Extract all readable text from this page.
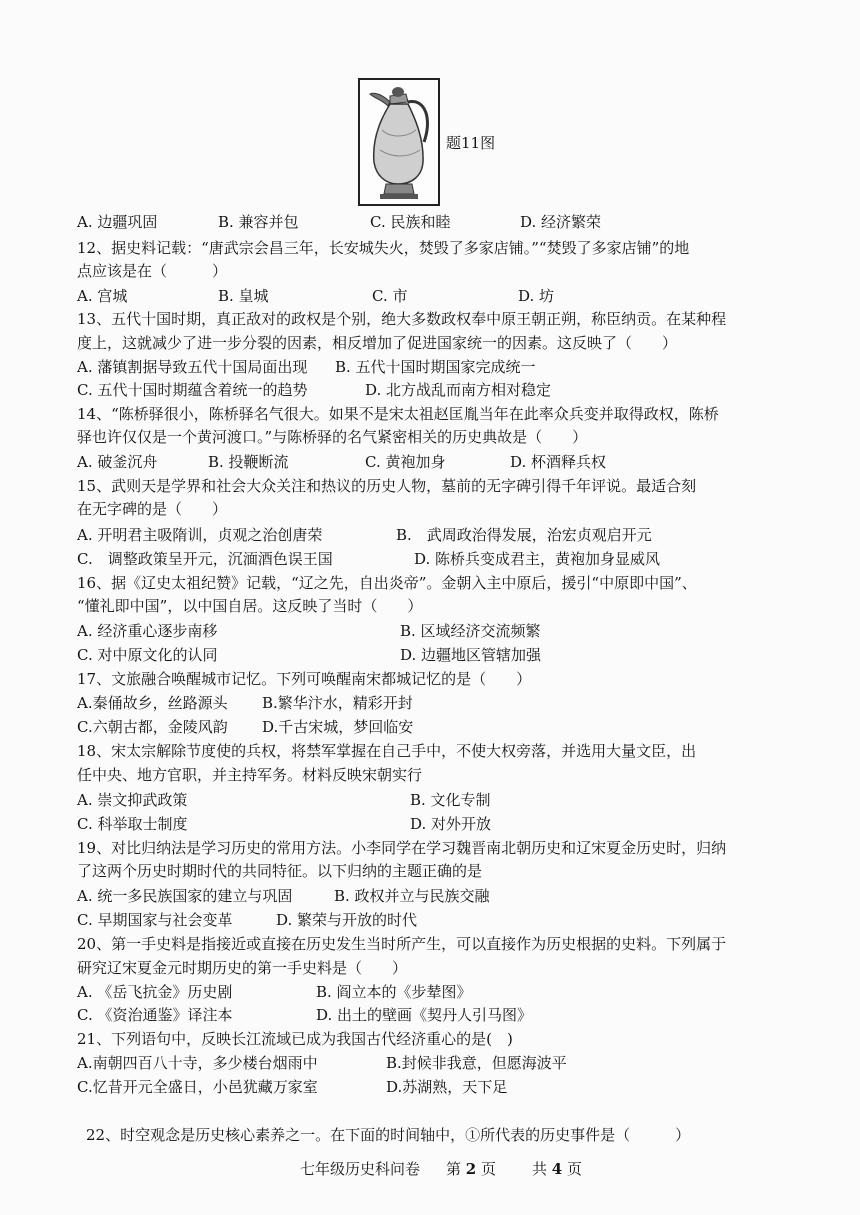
题11图
A. 边疆巩固	B. 兼容并包	C. 民族和睦	D. 经济繁荣
12、据史料记载：“唐武宗会昌三年，长安城失火，焚毁了多家店铺。”“焚毁了多家店铺”的地
点应该是在（　　　）
A. 宫城	B. 皇城	C. 市	D. 坊
13、五代十国时期，真正敌对的政权是个别，绝大多数政权奉中原王朝正朔，称臣纳贡。在某种程
度上，这就减少了进一步分裂的因素，相反增加了促进国家统一的因素。这反映了（　　）
A. 藩镇割据导致五代十国局面出现 B. 五代十国时期国家完成统一
C. 五代十国时期蕴含着统一的趋势	D. 北方战乱而南方相对稳定
14、“陈桥驿很小，陈桥驿名气很大。如果不是宋太祖赵匡胤当年在此率众兵变并取得政权，陈桥
驿也许仅仅是一个黄河渡口。”与陈桥驿的名气紧密相关的历史典故是（　　）
A. 破釜沉舟	B. 投鞭断流	C. 黄袍加身	D. 杯酒释兵权
15、武则天是学界和社会大众关注和热议的历史人物，墓前的无字碑引得千年评说。最适合刻
在无字碑的是（　　）
A. 开明君主吸隋训，贞观之治创唐荣	B.　武周政治得发展，治宏贞观启开元
C.　调整政策呈开元，沉湎酒色误王国	D. 陈桥兵变成君主，黄袍加身显威风
16、据《辽史太祖纪赞》记载，“辽之先，自出炎帝”。金朝入主中原后，援引“中原即中国”、
“懂礼即中国”，以中国自居。这反映了当时（　　）
A. 经济重心逐步南移	B. 区域经济交流频繁
C. 对中原文化的认同	D. 边疆地区管辖加强
17、文旅融合唤醒城市记忆。下列可唤醒南宋都城记忆的是（　　）
A.秦俑故乡，丝路源头 B.繁华汴水，精彩开封
C.六朝古都，金陵风韵 D.千古宋城，梦回临安
18、宋太宗解除节度使的兵权，将禁军掌握在自己手中，不使大权旁落，并选用大量文臣，出
任中央、地方官职，并主持军务。材料反映宋朝实行
A. 崇文抑武政策	B. 文化专制
C. 科举取士制度	D. 对外开放
19、对比归纳法是学习历史的常用方法。小李同学在学习魏晋南北朝历史和辽宋夏金历史时，归纳
了这两个历史时期时代的共同特征。以下归纳的主题正确的是
A. 统一多民族国家的建立与巩固	B. 政权并立与民族交融
C. 早期国家与社会变革	D. 繁荣与开放的时代
20、第一手史料是指接近或直接在历史发生当时所产生，可以直接作为历史根据的史料。下列属于
研究辽宋夏金元时期历史的第一手史料是（　　）
A. 《岳飞抗金》历史剧	B. 阎立本的《步辇图》
C. 《资治通鉴》译注本	D. 出土的壁画《契丹人引马图》
21、下列语句中，反映长江流域已成为我国古代经济重心的是(　)
A.南朝四百八十寺，多少楼台烟雨中	B.封候非我意，但愿海波平
C.忆昔开元全盛日，小邑犹藏万家室	D.苏湖熟，天下足
22、时空观念是历史核心素养之一。在下面的时间轴中，①所代表的历史事件是（　　　）
七年级历史科问卷 第 2 页 共 4 页
